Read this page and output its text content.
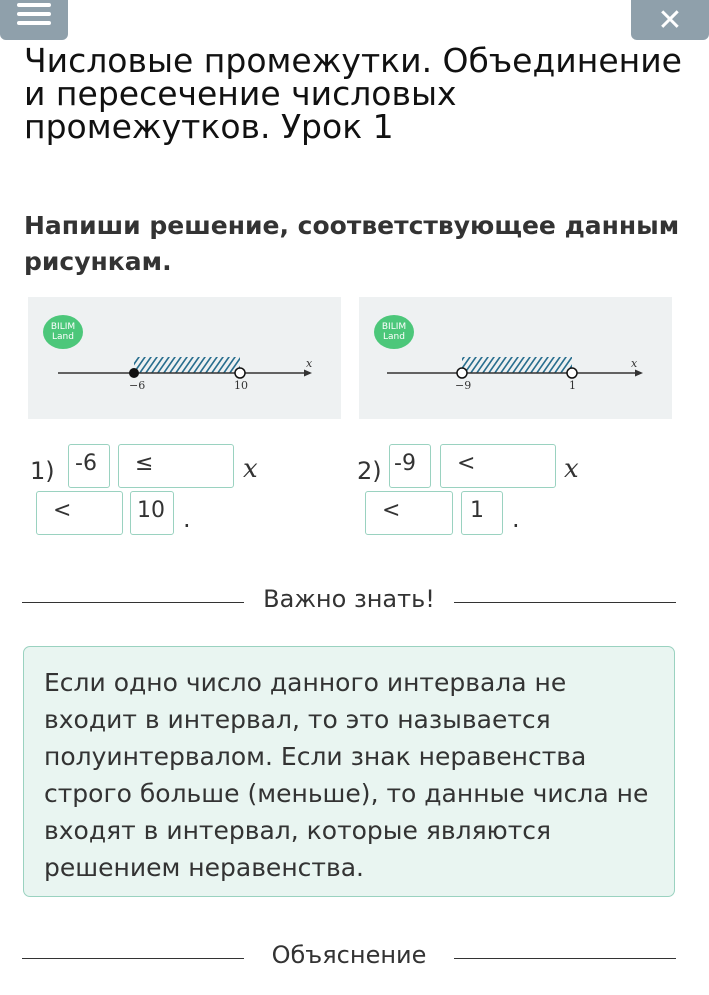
✕
Числовые промежутки. Объединение и пересечение числовых промежутков. Урок 1
Напиши решение, соответствующее данным рисункам.
BILIM
Land
x
−6	10
BILIM
Land
x
−9	1
1) -6	≤	x
<	10 .
2) -9	<	x
<	1	.
Важно знать!
Если одно число данного интервала не входит в интервал, то это называется полуинтервалом. Если знак неравенства строго больше (меньше), то данные числа не входят в интервал, которые являются решением неравенства.
Объяснение
